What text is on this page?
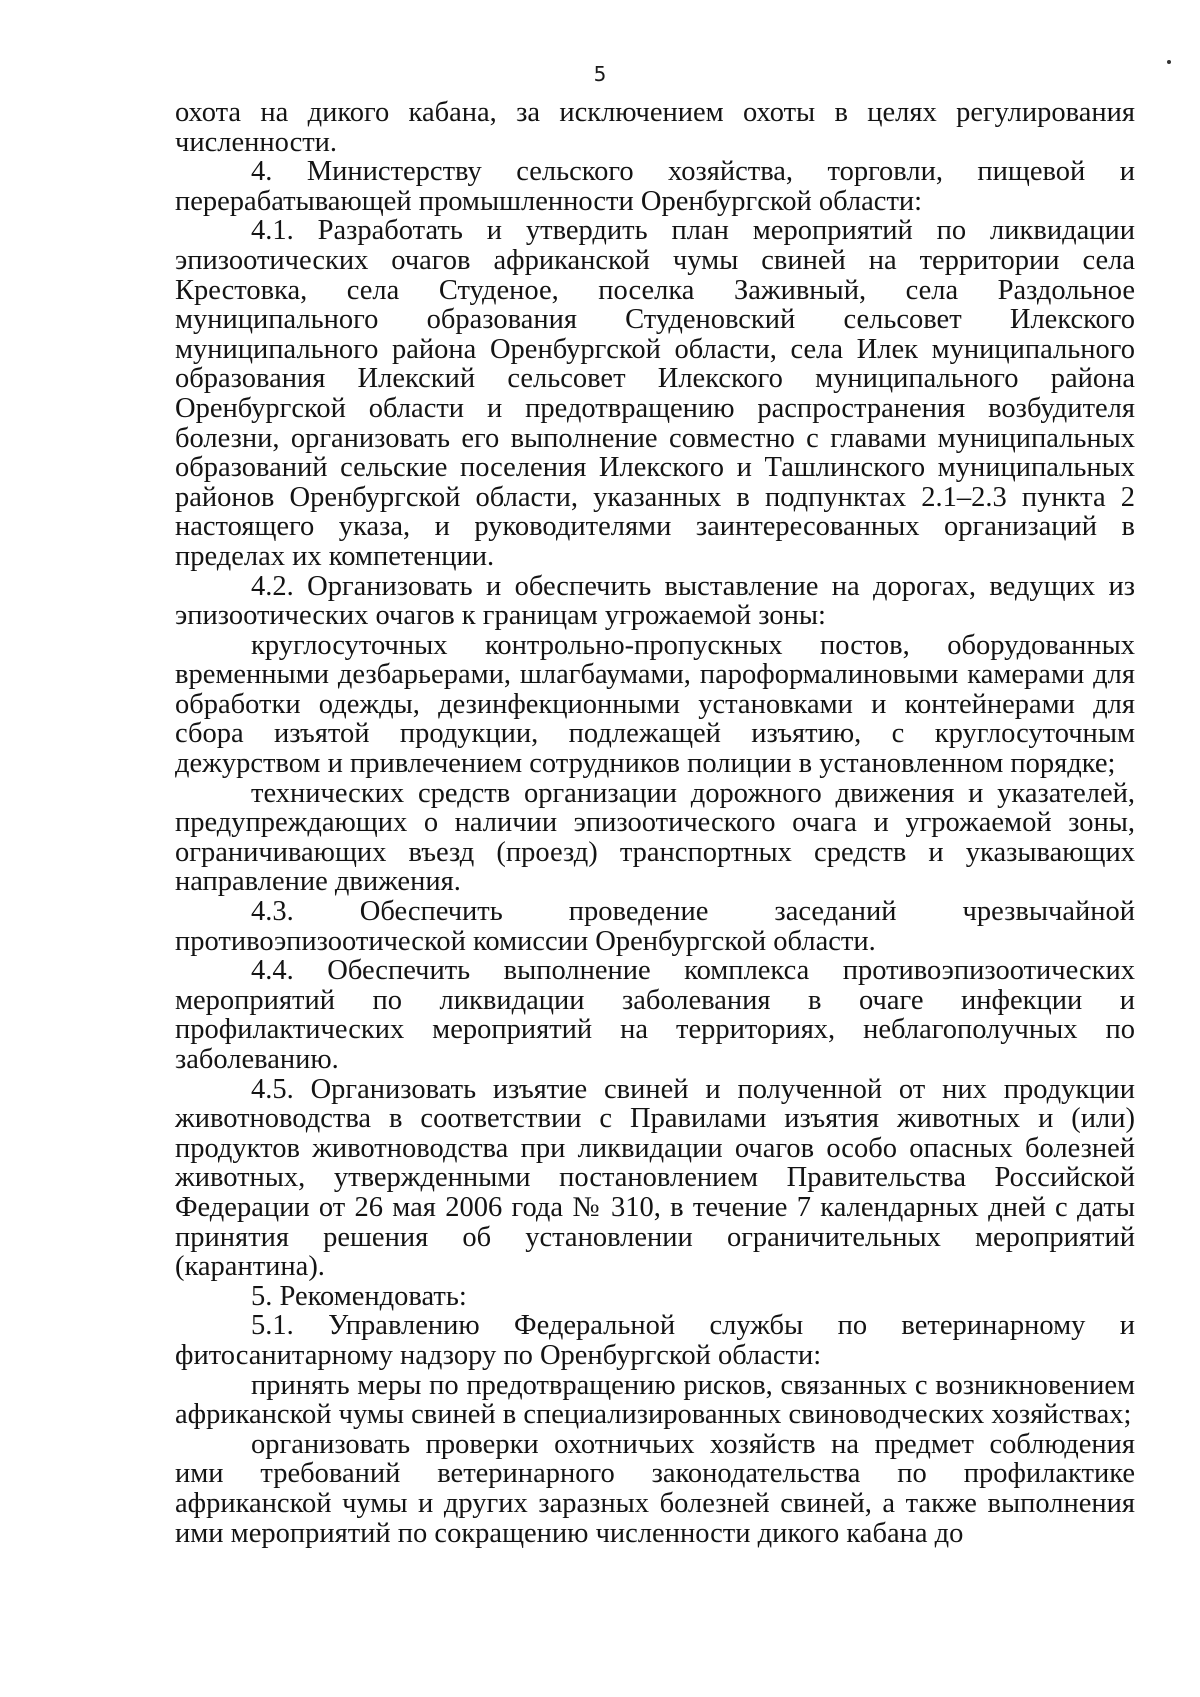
5

охота на дикого кабана, за исключением охоты в целях регулирования численности.

4. Министерству сельского хозяйства, торговли, пищевой и перерабатывающей промышленности Оренбургской области:

4.1. Разработать и утвердить план мероприятий по ликвидации эпизоотических очагов африканской чумы свиней на территории села Крестовка, села Студеное, поселка Заживный, села Раздольное муниципального образования Студеновский сельсовет Илекского муниципального района Оренбургской области, села Илек муниципального образования Илекский сельсовет Илекского муниципального района Оренбургской области и предотвращению распространения возбудителя болезни, организовать его выполнение совместно с главами муниципальных образований сельские поселения Илекского и Ташлинского муниципальных районов Оренбургской области, указанных в подпунктах 2.1–2.3 пункта 2 настоящего указа, и руководителями заинтересованных организаций в пределах их компетенции.

4.2. Организовать и обеспечить выставление на дорогах, ведущих из эпизоотических очагов к границам угрожаемой зоны:

круглосуточных контрольно-пропускных постов, оборудованных временными дезбарьерами, шлагбаумами, пароформалиновыми камерами для обработки одежды, дезинфекционными установками и контейнерами для сбора изъятой продукции, подлежащей изъятию, с круглосуточным дежурством и привлечением сотрудников полиции в установленном порядке;

технических средств организации дорожного движения и указателей, предупреждающих о наличии эпизоотического очага и угрожаемой зоны, ограничивающих въезд (проезд) транспортных средств и указывающих направление движения.

4.3. Обеспечить проведение заседаний чрезвычайной противоэпизоотической комиссии Оренбургской области.

4.4. Обеспечить выполнение комплекса противоэпизоотических мероприятий по ликвидации заболевания в очаге инфекции и профилактических мероприятий на территориях, неблагополучных по заболеванию.

4.5. Организовать изъятие свиней и полученной от них продукции животноводства в соответствии с Правилами изъятия животных и (или) продуктов животноводства при ликвидации очагов особо опасных болезней животных, утвержденными постановлением Правительства Российской Федерации от 26 мая 2006 года № 310, в течение 7 календарных дней с даты принятия решения об установлении ограничительных мероприятий (карантина).

5. Рекомендовать:

5.1. Управлению Федеральной службы по ветеринарному и фитосанитарному надзору по Оренбургской области:

принять меры по предотвращению рисков, связанных с возникновением африканской чумы свиней в специализированных свиноводческих хозяйствах;

организовать проверки охотничьих хозяйств на предмет соблюдения ими требований ветеринарного законодательства по профилактике африканской чумы и других заразных болезней свиней, а также выполнения ими мероприятий по сокращению численности дикого кабана до
